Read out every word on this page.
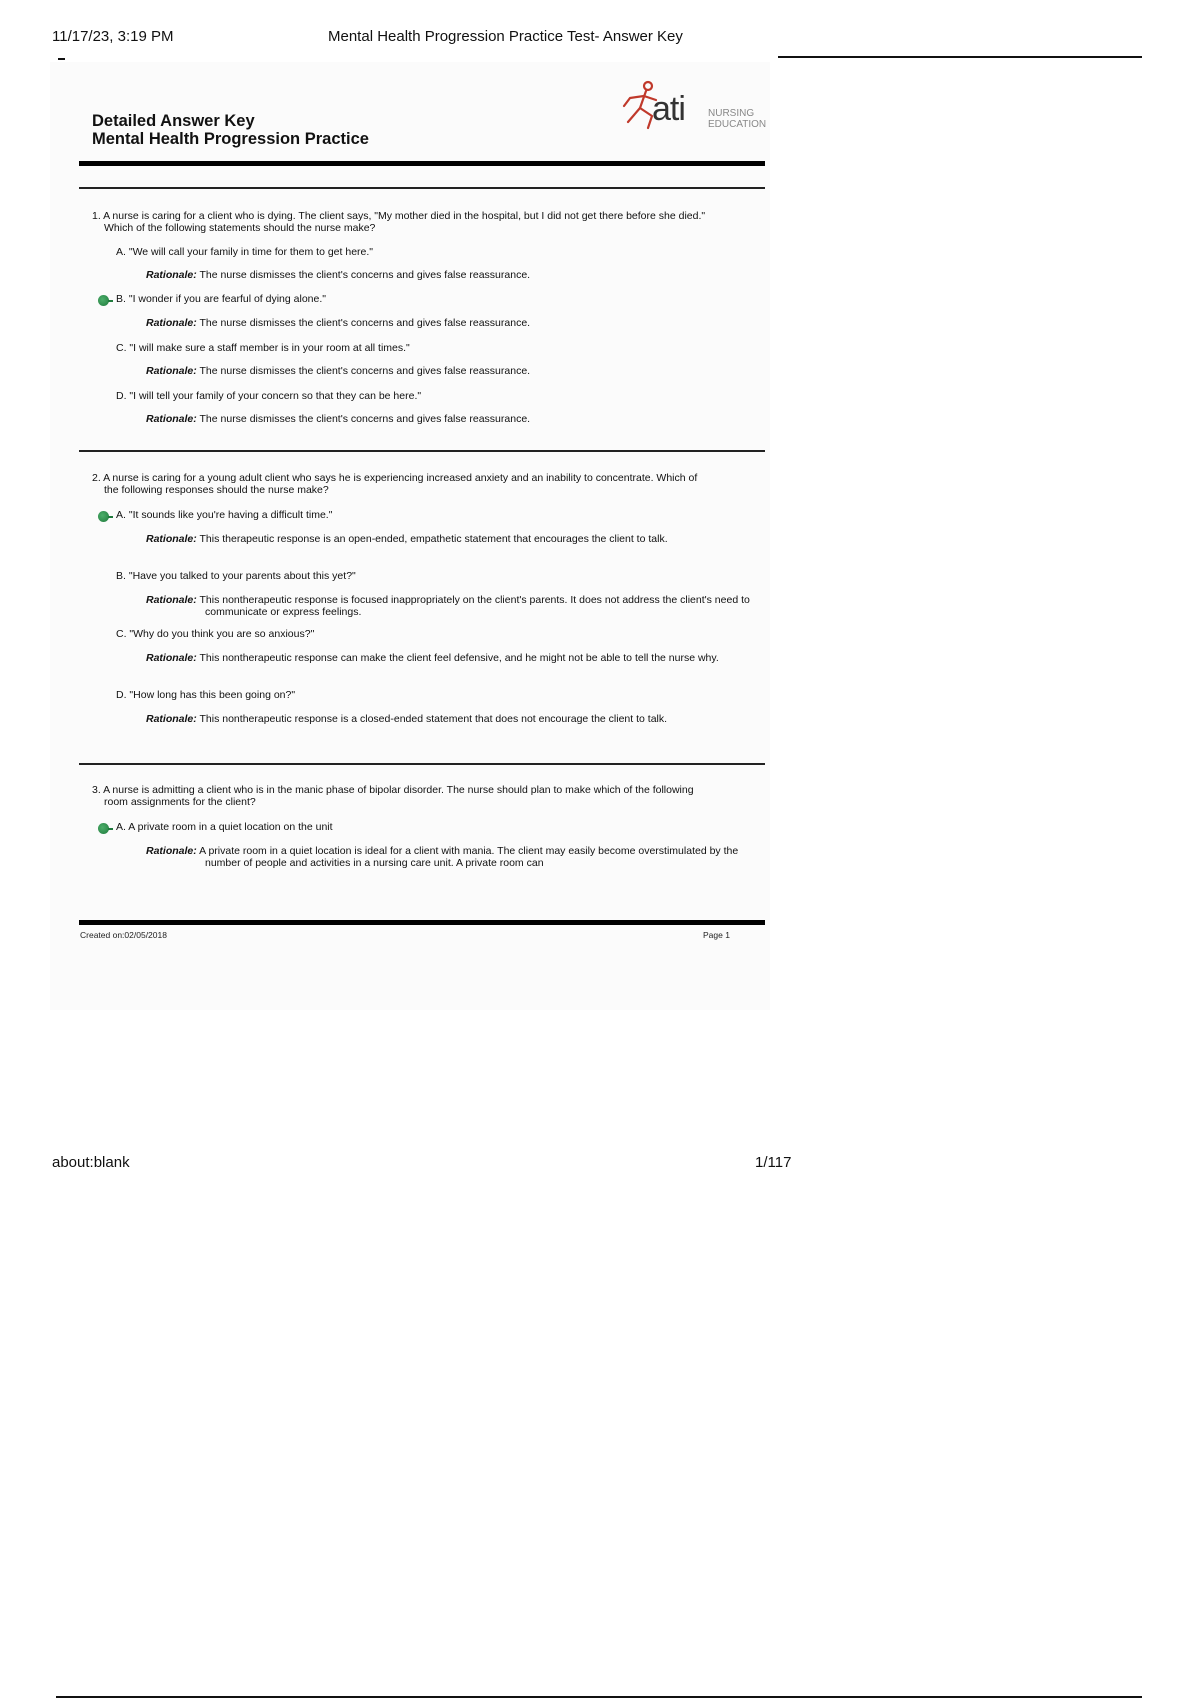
11/17/23, 3:19 PM	Mental Health Progression Practice Test- Answer Key
Detailed Answer Key
Mental Health Progression Practice
ati NURSING
EDUCATION
1. A nurse is caring for a client who is dying. The client says, "My mother died in the hospital, but I did not get there before she died." Which of the following statements should the nurse make?
A. "We will call your family in time for them to get here."
Rationale: The nurse dismisses the client's concerns and gives false reassurance.
B. "I wonder if you are fearful of dying alone."
Rationale: The nurse dismisses the client's concerns and gives false reassurance.
C. "I will make sure a staff member is in your room at all times."
Rationale: The nurse dismisses the client's concerns and gives false reassurance.
D. "I will tell your family of your concern so that they can be here."
Rationale: The nurse dismisses the client's concerns and gives false reassurance.
2. A nurse is caring for a young adult client who says he is experiencing increased anxiety and an inability to concentrate. Which of the following responses should the nurse make?
A. "It sounds like you're having a difficult time."
Rationale: This therapeutic response is an open-ended, empathetic statement that encourages the client to talk.
B. "Have you talked to your parents about this yet?"
Rationale: This nontherapeutic response is focused inappropriately on the client's parents. It does not address the client's need to communicate or express feelings.
C. "Why do you think you are so anxious?"
Rationale: This nontherapeutic response can make the client feel defensive, and he might not be able to tell the nurse why.
D. "How long has this been going on?"
Rationale: This nontherapeutic response is a closed-ended statement that does not encourage the client to talk.
3. A nurse is admitting a client who is in the manic phase of bipolar disorder. The nurse should plan to make which of the following room assignments for the client?
A. A private room in a quiet location on the unit
Rationale: A private room in a quiet location is ideal for a client with mania. The client may easily become overstimulated by the number of people and activities in a nursing care unit. A private room can
Created on:02/05/2018	Page 1
about:blank	1/117
